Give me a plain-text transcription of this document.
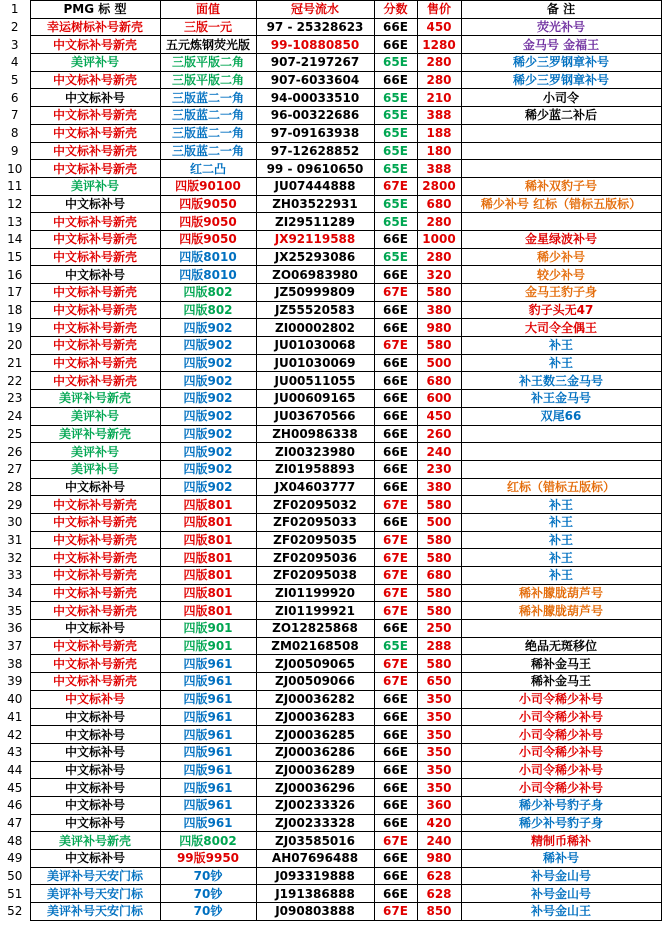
1	PMG 标 型	面值	冠号流水	分数	售价	备 注
2	幸运树标补号新壳	三版一元	97 - 25328623	66E	450	荧光补号
3	中文标补号新壳	五元炼钢荧光版	99-10880850	66E	1280	金马号 金福王
4	美评补号	三版平版二角	907-2197267	65E	280	稀少三罗钢章补号
5	中文标补号新壳	三版平版二角	907-6033604	66E	280	稀少三罗钢章补号
6	中文标补号	三版蓝二一角	94-00033510	65E	210	小司令
7	中文标补号新壳	三版蓝二一角	96-00322686	65E	388	稀少蓝二补后
8	中文标补号新壳	三版蓝二一角	97-09163938	65E	188	
9	中文标补号新壳	三版蓝二一角	97-12628852	65E	180	
10	中文标补号新壳	红二凸	99 - 09610650	65E	388	
11	美评补号	四版90100	JU07444888	67E	2800	稀补双豹子号
12	中文标补号	四版9050	ZH03522931	65E	680	稀少补号 红标（错标五版标）
13	中文标补号新壳	四版9050	ZI29511289	65E	280	
14	中文标补号新壳	四版9050	JX92119588	66E	1000	金星绿波补号
15	中文标补号新壳	四版8010	JX25293086	65E	280	稀少补号
16	中文标补号	四版8010	ZO06983980	66E	320	较少补号
17	中文标补号新壳	四版802	JZ50999809	67E	580	金马王豹子身
18	中文标补号新壳	四版802	JZ55520583	66E	380	豹子头无47
19	中文标补号新壳	四版902	ZI00002802	66E	980	大司令全偶王
20	中文标补号新壳	四版902	JU01030068	67E	580	补王
21	中文标补号新壳	四版902	JU01030069	66E	500	补王
22	中文标补号新壳	四版902	JU00511055	66E	680	补王数三金马号
23	美评补号新壳	四版902	JU00609165	66E	600	补王金马号
24	美评补号	四版902	JU03670566	66E	450	双尾66
25	美评补号新壳	四版902	ZH00986338	66E	260	
26	美评补号	四版902	ZI00323980	66E	240	
27	美评补号	四版902	ZI01958893	66E	230	
28	中文标补号	四版902	JX04603777	66E	380	红标（错标五版标）
29	中文标补号新壳	四版801	ZF02095032	67E	580	补王
30	中文标补号新壳	四版801	ZF02095033	66E	500	补王
31	中文标补号新壳	四版801	ZF02095035	67E	580	补王
32	中文标补号新壳	四版801	ZF02095036	67E	580	补王
33	中文标补号新壳	四版801	ZF02095038	67E	680	补王
34	中文标补号新壳	四版801	ZI01199920	67E	580	稀补朦胧葫芦号
35	中文标补号新壳	四版801	ZI01199921	67E	580	稀补朦胧葫芦号
36	中文标补号	四版901	ZO12825868	66E	250	
37	中文标补号新壳	四版901	ZM02168508	65E	288	绝品无斑移位
38	中文标补号新壳	四版961	ZJ00509065	67E	580	稀补金马王
39	中文标补号新壳	四版961	ZJ00509066	67E	650	稀补金马王
40	中文标补号	四版961	ZJ00036282	66E	350	小司令稀少补号
41	中文标补号	四版961	ZJ00036283	66E	350	小司令稀少补号
42	中文标补号	四版961	ZJ00036285	66E	350	小司令稀少补号
43	中文标补号	四版961	ZJ00036286	66E	350	小司令稀少补号
44	中文标补号	四版961	ZJ00036289	66E	350	小司令稀少补号
45	中文标补号	四版961	ZJ00036296	66E	350	小司令稀少补号
46	中文标补号	四版961	ZJ00233326	66E	360	稀少补号豹子身
47	中文标补号	四版961	ZJ00233328	66E	420	稀少补号豹子身
48	美评补号新壳	四版8002	ZJ03585016	67E	240	精制币稀补
49	中文标补号	99版9950	AH07696488	66E	980	稀补号
50	美评补号天安门标	70钞	J093319888	66E	628	补号金山号
51	美评补号天安门标	70钞	J191386888	66E	628	补号金山号
52	美评补号天安门标	70钞	J090803888	67E	850	补号金山王
